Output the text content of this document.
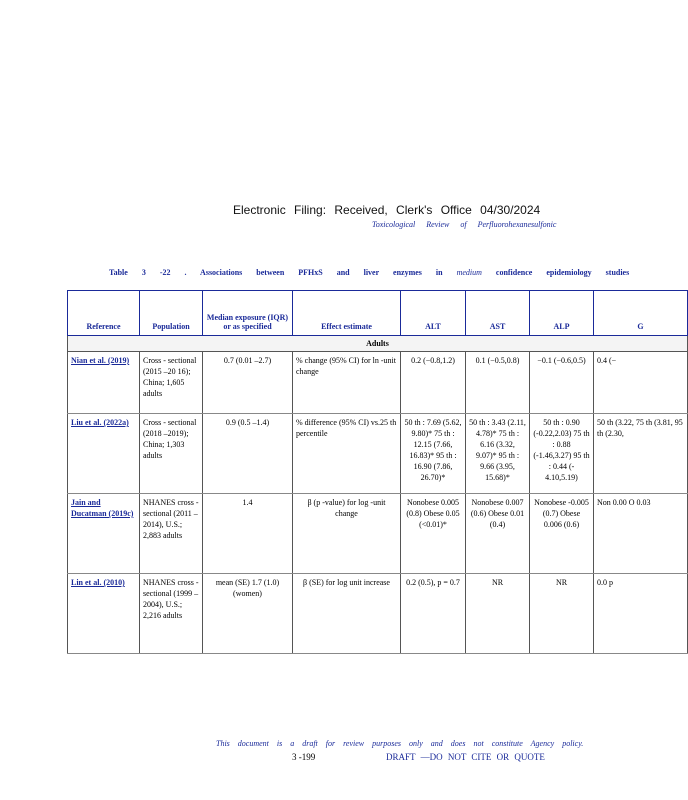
Electronic Filing: Received, Clerk's Office 04/30/2024
Toxicological Review of Perfluorohexanesulfonic
Table 3 -22 . Associations between PFHxS and liver enzymes in medium confidence epidemiology studies
Reference	Population	Median exposure (IQR) or as specified	Effect estimate	ALT	AST	ALP	G
Adults							
Nian et al. (2019)	Cross - sectional (2015 –20 16); China; 1,605 adults	0.7 (0.01 –2.7)	% change (95% CI) for ln -unit change	0.2 (−0.8,1.2)	0.1 (−0.5,0.8)	−0.1 (−0.6,0.5)	0.4 (−
Liu et al. (2022a)	Cross - sectional (2018 –2019); China; 1,303 adults	0.9 (0.5 –1.4)	% difference (95% CI) vs.25 th percentile	50 th : 7.69 (5.62, 9.80)* 75 th : 12.15 (7.66, 16.83)* 95 th : 16.90 (7.86, 26.70)*	50 th : 3.43 (2.11, 4.78)* 75 th : 6.16 (3.32, 9.07)* 95 th : 9.66 (3.95, 15.68)*	50 th : 0.90 (-0.22,2.03) 75 th : 0.88 (-1.46,3.27) 95 th : 0.44 (- 4.10,5.19)	50 th (3.22, 75 th (3.81, 95 th (2.30,
Jain and Ducatman (2019c)	NHANES cross - sectional (2011 –2014), U.S.; 2,883 adults	1.4	β (p -value) for log -unit change	Nonobese 0.005 (0.8) Obese 0.05 (<0.01)*	Nonobese 0.007 (0.6) Obese 0.01 (0.4)	Nonobese -0.005 (0.7) Obese 0.006 (0.6)	Non 0.00 O 0.03
Lin et al. (2010)	NHANES cross - sectional (1999 –2004), U.S.; 2,216 adults	mean (SE) 1.7 (1.0)(women)	β (SE) for log unit increase	0.2 (0.5), p = 0.7	NR	NR	0.0 p
This document is a draft for review purposes only and does not constitute Agency policy.
3 -199	DRAFT —DO NOT CITE OR QUOTE
